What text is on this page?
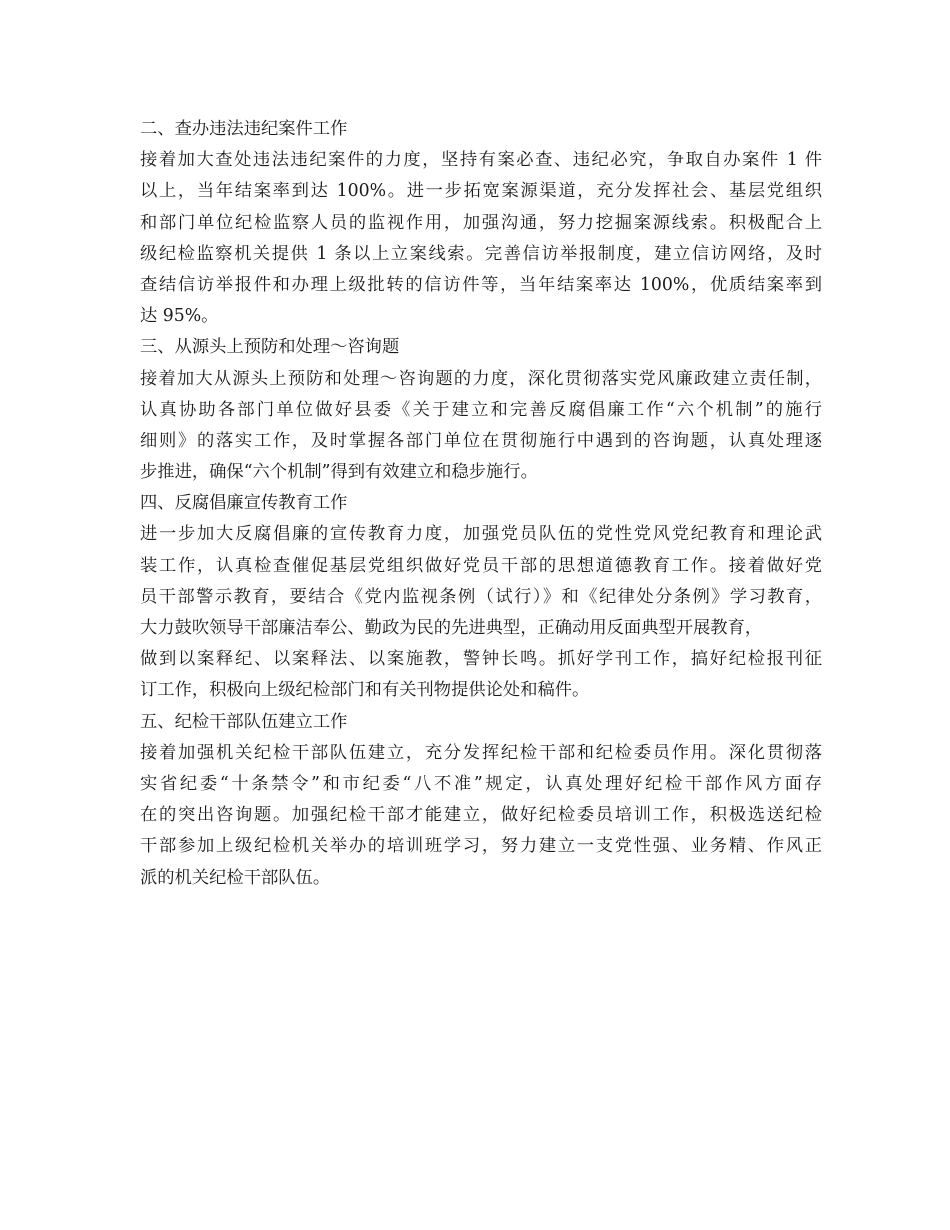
二、查办违法违纪案件工作
接着加大查处违法违纪案件的力度，坚持有案必查、违纪必究，争取自办案件 1 件
以上，当年结案率到达 100%。进一步拓宽案源渠道，充分发挥社会、基层党组织
和部门单位纪检监察人员的监视作用，加强沟通，努力挖掘案源线索。积极配合上
级纪检监察机关提供 1 条以上立案线索。完善信访举报制度，建立信访网络，及时
查结信访举报件和办理上级批转的信访件等，当年结案率达 100%，优质结案率到
达 95%。
三、从源头上预防和处理～咨询题
接着加大从源头上预防和处理～咨询题的力度，深化贯彻落实党风廉政建立责任制，
认真协助各部门单位做好县委《关于建立和完善反腐倡廉工作“六个机制”的施行
细则》的落实工作，及时掌握各部门单位在贯彻施行中遇到的咨询题，认真处理逐
步推进，确保“六个机制”得到有效建立和稳步施行。
四、反腐倡廉宣传教育工作
进一步加大反腐倡廉的宣传教育力度，加强党员队伍的党性党风党纪教育和理论武
装工作，认真检查催促基层党组织做好党员干部的思想道德教育工作。接着做好党
员干部警示教育，要结合《党内监视条例（试行）》和《纪律处分条例》学习教育，
大力鼓吹领导干部廉洁奉公、勤政为民的先进典型，正确动用反面典型开展教育，
做到以案释纪、以案释法、以案施教，警钟长鸣。抓好学刊工作，搞好纪检报刊征
订工作，积极向上级纪检部门和有关刊物提供论处和稿件。
五、纪检干部队伍建立工作
接着加强机关纪检干部队伍建立，充分发挥纪检干部和纪检委员作用。深化贯彻落
实省纪委“十条禁令”和市纪委“八不准”规定，认真处理好纪检干部作风方面存
在的突出咨询题。加强纪检干部才能建立，做好纪检委员培训工作，积极选送纪检
干部参加上级纪检机关举办的培训班学习，努力建立一支党性强、业务精、作风正
派的机关纪检干部队伍。
